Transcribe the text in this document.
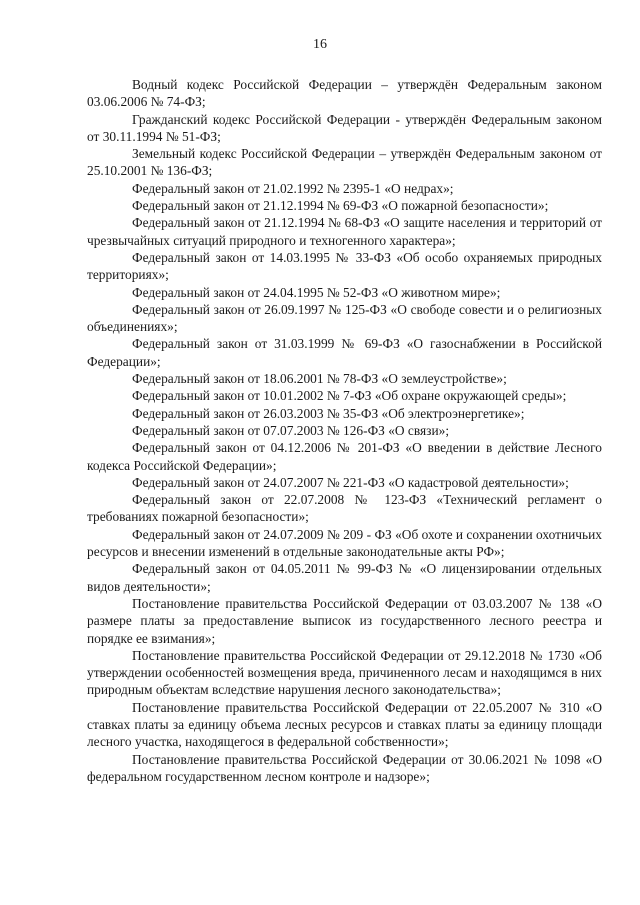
16

Водный кодекс Российской Федерации – утверждён Федеральным законом 03.06.2006 № 74-ФЗ;

Гражданский кодекс Российской Федерации - утверждён Федеральным законом от 30.11.1994 № 51-ФЗ;

Земельный кодекс Российской Федерации – утверждён Федеральным законом от 25.10.2001 № 136-ФЗ;

Федеральный закон от 21.02.1992 № 2395-1 «О недрах»;

Федеральный закон от 21.12.1994 № 69-ФЗ «О пожарной безопасности»;

Федеральный закон от 21.12.1994 № 68-ФЗ «О защите населения и территорий от чрезвычайных ситуаций природного и техногенного характера»;

Федеральный закон от 14.03.1995 № 33-ФЗ «Об особо охраняемых природных территориях»;

Федеральный закон от 24.04.1995 № 52-ФЗ «О животном мире»;

Федеральный закон от 26.09.1997 № 125-ФЗ «О свободе совести и о религиозных объединениях»;

Федеральный закон от 31.03.1999 № 69-ФЗ «О газоснабжении в Российской Федерации»;

Федеральный закон от 18.06.2001 № 78-ФЗ «О землеустройстве»;

Федеральный закон от 10.01.2002 № 7-ФЗ «Об охране окружающей среды»;

Федеральный закон от 26.03.2003 № 35-ФЗ «Об электроэнергетике»;

Федеральный закон от 07.07.2003 № 126-ФЗ «О связи»;

Федеральный закон от 04.12.2006 № 201-ФЗ «О введении в действие Лесного кодекса Российской Федерации»;

Федеральный закон от 24.07.2007 № 221-ФЗ «О кадастровой деятельности»;

Федеральный закон от 22.07.2008 № 123-ФЗ «Технический регламент о требованиях пожарной безопасности»;

Федеральный закон от 24.07.2009 № 209 - ФЗ «Об охоте и сохранении охотничьих ресурсов и внесении изменений в отдельные законодательные акты РФ»;

Федеральный закон от 04.05.2011 № 99-ФЗ № «О лицензировании отдельных видов деятельности»;

Постановление правительства Российской Федерации от 03.03.2007 № 138 «О размере платы за предоставление выписок из государственного лесного реестра и порядке ее взимания»;

Постановление правительства Российской Федерации от 29.12.2018 № 1730 «Об утверждении особенностей возмещения вреда, причиненного лесам и находящимся в них природным объектам вследствие нарушения лесного законодательства»;

Постановление правительства Российской Федерации от 22.05.2007 № 310 «О ставках платы за единицу объема лесных ресурсов и ставках платы за единицу площади лесного участка, находящегося в федеральной собственности»;

Постановление правительства Российской Федерации от 30.06.2021 № 1098 «О федеральном государственном лесном контроле и надзоре»;
